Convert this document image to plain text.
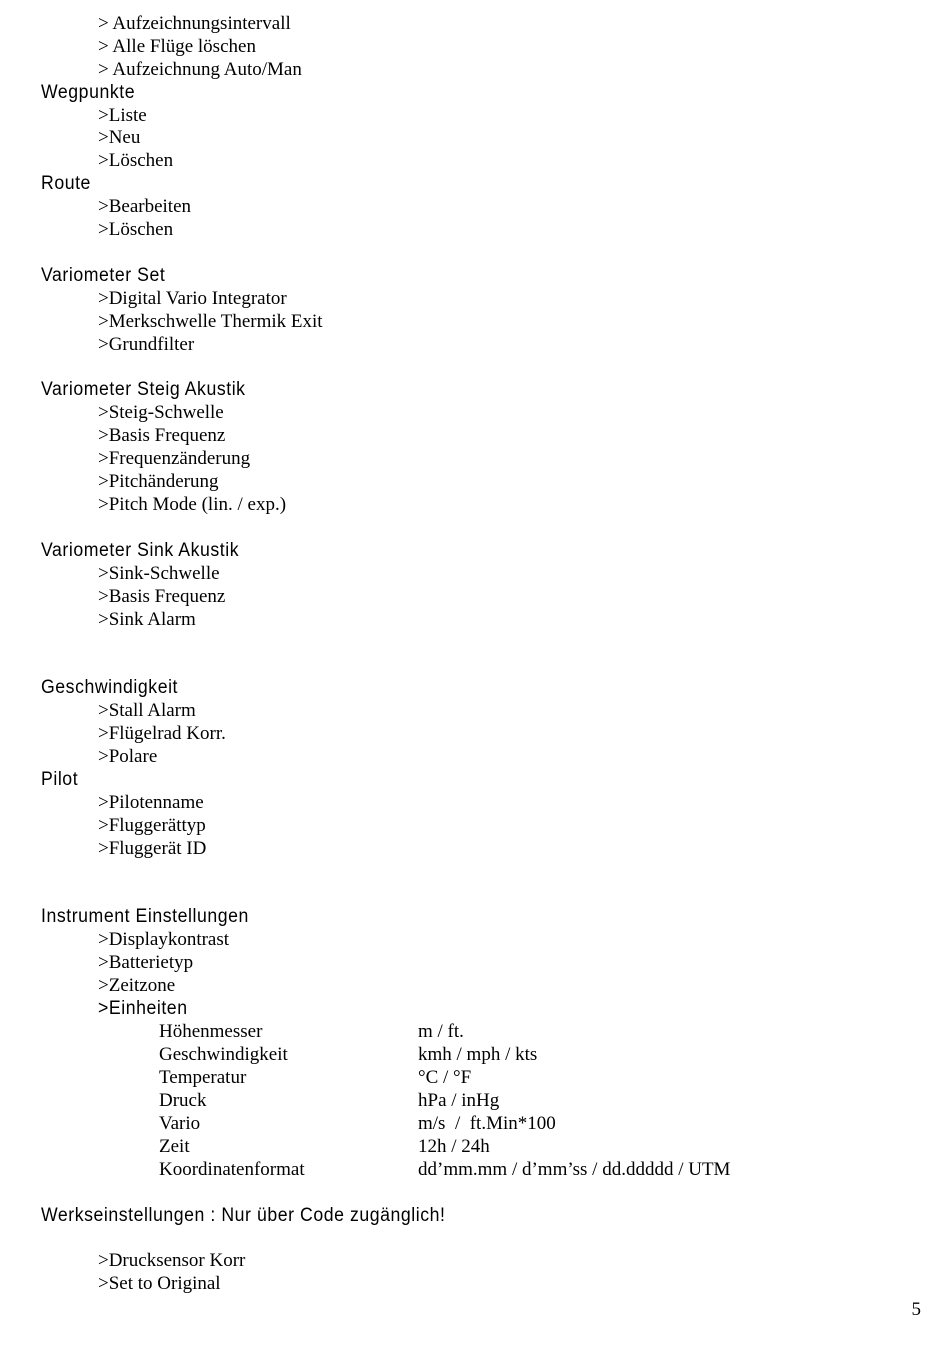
> Aufzeichnungsintervall
> Alle Flüge löschen
> Aufzeichnung Auto/Man
Wegpunkte
>Liste
>Neu
>Löschen
Route
>Bearbeiten
>Löschen
Variometer Set
>Digital Vario Integrator
>Merkschwelle Thermik Exit
>Grundfilter
Variometer Steig Akustik
>Steig-Schwelle
>Basis Frequenz
>Frequenzänderung
>Pitchänderung
>Pitch Mode (lin. / exp.)
Variometer Sink Akustik
>Sink-Schwelle
>Basis Frequenz
>Sink Alarm
Geschwindigkeit
>Stall Alarm
>Flügelrad Korr.
>Polare
Pilot
>Pilotenname
>Fluggerättyp
>Fluggerät ID
Instrument Einstellungen
>Displaykontrast
>Batterietyp
>Zeitzone
>Einheiten
Höhenmesser	m / ft.
Geschwindigkeit	kmh / mph / kts
Temperatur	°C / °F
Druck	hPa / inHg
Vario	m/s  /  ft.Min*100
Zeit	12h / 24h
Koordinatenformat	dd’mm.mm / d’mm’ss / dd.ddddd / UTM
Werkseinstellungen : Nur über Code zugänglich!
>Drucksensor Korr
>Set to Original
5
